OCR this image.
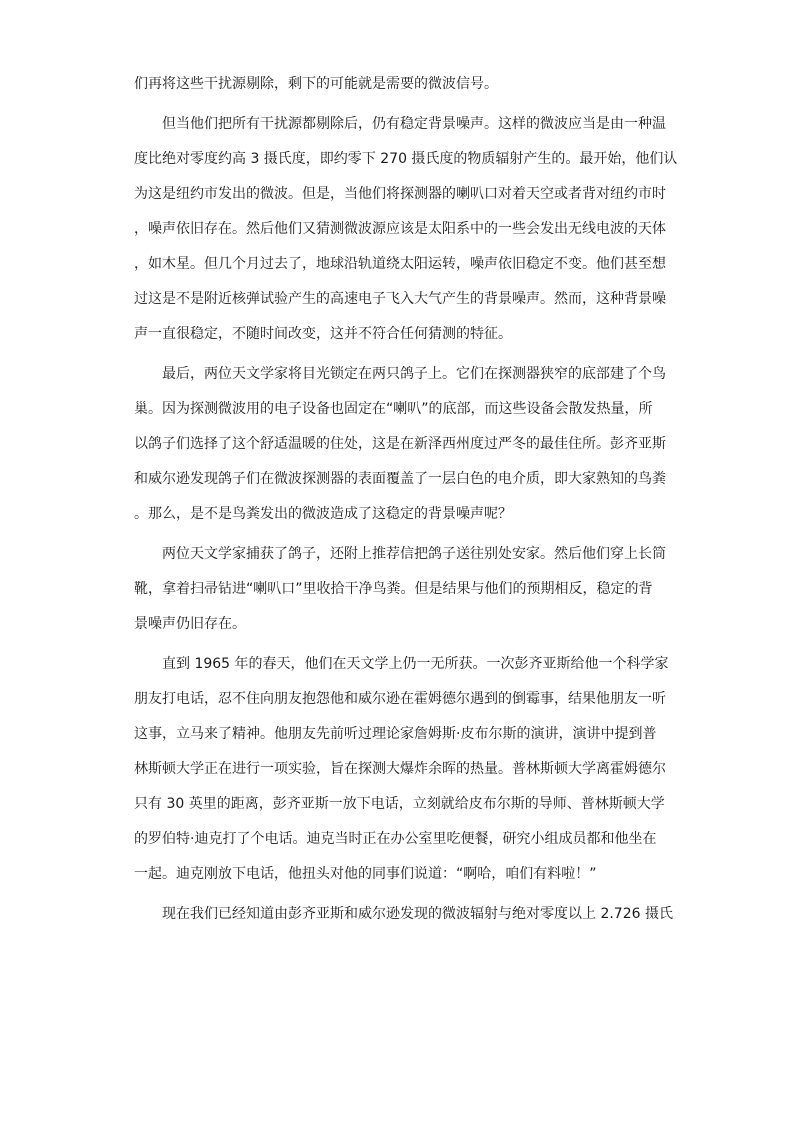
们再将这些干扰源剔除，剩下的可能就是需要的微波信号。
但当他们把所有干扰源都剔除后，仍有稳定背景噪声。这样的微波应当是由一种温
度比绝对零度约高 3 摄氏度，即约零下 270 摄氏度的物质辐射产生的。最开始，他们认
为这是纽约市发出的微波。但是，当他们将探测器的喇叭口对着天空或者背对纽约市时
，噪声依旧存在。然后他们又猜测微波源应该是太阳系中的一些会发出无线电波的天体
，如木星。但几个月过去了，地球沿轨道绕太阳运转，噪声依旧稳定不变。他们甚至想
过这是不是附近核弹试验产生的高速电子飞入大气产生的背景噪声。然而，这种背景噪
声一直很稳定，不随时间改变，这并不符合任何猜测的特征。
最后，两位天文学家将目光锁定在两只鸽子上。它们在探测器狭窄的底部建了个鸟
巢。因为探测微波用的电子设备也固定在“喇叭”的底部，而这些设备会散发热量，所
以鸽子们选择了这个舒适温暖的住处，这是在新泽西州度过严冬的最佳住所。彭齐亚斯
和威尔逊发现鸽子们在微波探测器的表面覆盖了一层白色的电介质，即大家熟知的鸟粪
。那么，是不是鸟粪发出的微波造成了这稳定的背景噪声呢？
两位天文学家捕获了鸽子，还附上推荐信把鸽子送往别处安家。然后他们穿上长筒
靴，拿着扫帚钻进“喇叭口”里收拾干净鸟粪。但是结果与他们的预期相反，稳定的背
景噪声仍旧存在。
直到 1965 年的春天，他们在天文学上仍一无所获。一次彭齐亚斯给他一个科学家
朋友打电话，忍不住向朋友抱怨他和威尔逊在霍姆德尔遇到的倒霉事，结果他朋友一听
这事，立马来了精神。他朋友先前听过理论家詹姆斯·皮布尔斯的演讲，演讲中提到普
林斯顿大学正在进行一项实验，旨在探测大爆炸余晖的热量。普林斯顿大学离霍姆德尔
只有 30 英里的距离，彭齐亚斯一放下电话，立刻就给皮布尔斯的导师、普林斯顿大学
的罗伯特·迪克打了个电话。迪克当时正在办公室里吃便餐，研究小组成员都和他坐在
一起。迪克刚放下电话，他扭头对他的同事们说道：“啊哈，咱们有料啦！”
现在我们已经知道由彭齐亚斯和威尔逊发现的微波辐射与绝对零度以上 2.726 摄氏
